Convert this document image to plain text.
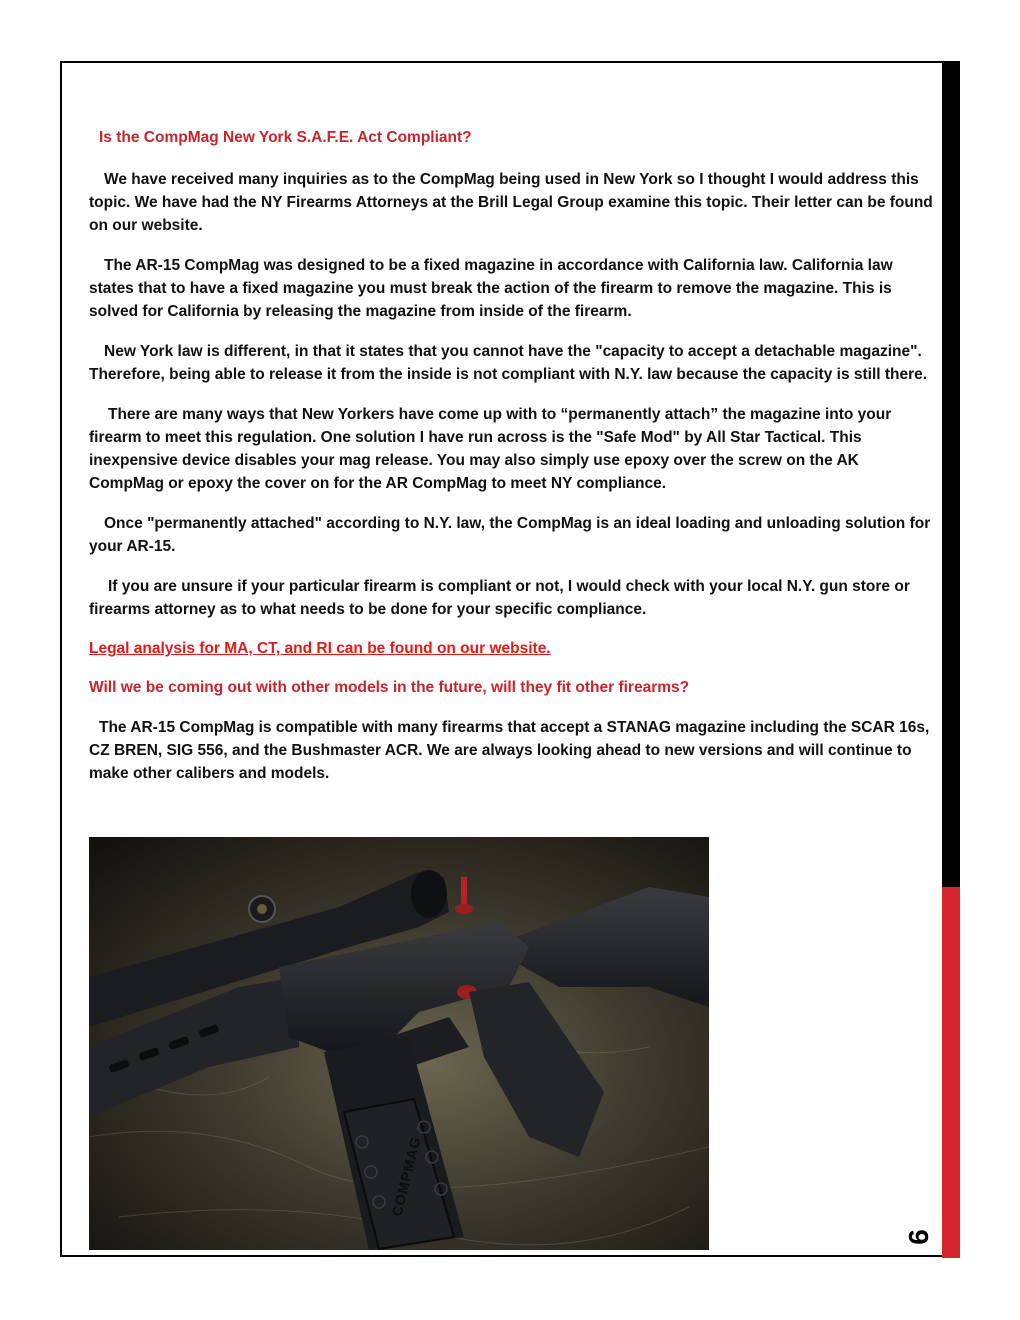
9

Is the CompMag New York S.A.F.E. Act Compliant?

We have received many inquiries as to the CompMag being used in New York so I thought I would address this topic. We have had the NY Firearms Attorneys at the Brill Legal Group examine this topic. Their letter can be found on our website.

The AR-15 CompMag was designed to be a fixed magazine in accordance with California law. California law states that to have a fixed magazine you must break the action of the firearm to remove the magazine. This is solved for California by releasing the magazine from inside of the firearm.

New York law is different, in that it states that you cannot have the "capacity to accept a detachable magazine". Therefore, being able to release it from the inside is not compliant with N.Y. law because the capacity is still there.

There are many ways that New Yorkers have come up with to “permanently attach” the magazine into your firearm to meet this regulation. One solution I have run across is the "Safe Mod" by All Star Tactical. This inexpensive device disables your mag release. You may also simply use epoxy over the screw on the AK CompMag or epoxy the cover on for the AR CompMag to meet NY compliance.

Once "permanently attached" according to N.Y. law, the CompMag is an ideal loading and unloading solution for your AR-15.

If you are unsure if your particular firearm is compliant or not, I would check with your local N.Y. gun store or firearms attorney as to what needs to be done for your specific compliance.

Legal analysis for MA, CT, and RI can be found on our website.

Will we be coming out with other models in the future, will they fit other firearms?

The AR-15 CompMag is compatible with many firearms that accept a STANAG magazine including the SCAR 16s, CZ BREN, SIG 556, and the Bushmaster ACR. We are always looking ahead to new versions and will continue to make other calibers and models.

COMPMAG
